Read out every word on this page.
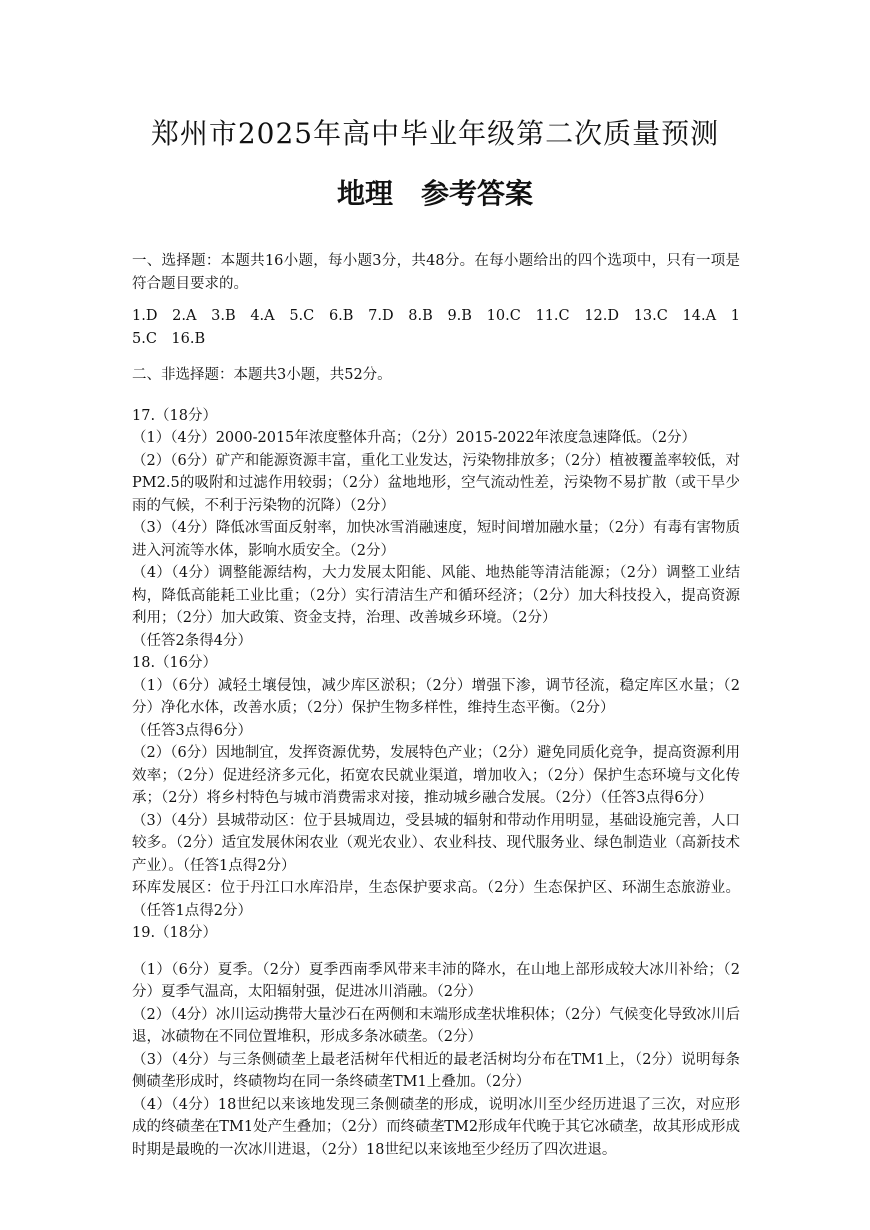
郑州市2025年高中毕业年级第二次质量预测
地理　参考答案

一、选择题：本题共16小题，每小题3分，共48分。在每小题给出的四个选项中，只有一项是符合题目要求的。

1.D　2.A　3.B　4.A　5.C　6.B　7.D　8.B　9.B　10.C　11.C　12.D　13.C　14.A　15.C　16.B

二、非选择题：本题共3小题，共52分。

17.（18分）

（1）（4分）2000-2015年浓度整体升高；（2分）2015-2022年浓度急速降低。（2分）

（2）（6分）矿产和能源资源丰富，重化工业发达，污染物排放多；（2分）植被覆盖率较低，对PM2.5的吸附和过滤作用较弱；（2分）盆地地形，空气流动性差，污染物不易扩散（或干旱少雨的气候，不利于污染物的沉降）（2分）

（3）（4分）降低冰雪面反射率，加快冰雪消融速度，短时间增加融水量；（2分）有毒有害物质进入河流等水体，影响水质安全。（2分）

（4）（4分）调整能源结构，大力发展太阳能、风能、地热能等清洁能源；（2分）调整工业结构，降低高能耗工业比重；（2分）实行清洁生产和循环经济；（2分）加大科技投入，提高资源利用；（2分）加大政策、资金支持，治理、改善城乡环境。（2分）

（任答2条得4分）

18.（16分）

（1）（6分）减轻土壤侵蚀，减少库区淤积；（2分）增强下渗，调节径流，稳定库区水量；（2分）净化水体，改善水质；（2分）保护生物多样性，维持生态平衡。（2分）

（任答3点得6分）

（2）（6分）因地制宜，发挥资源优势，发展特色产业；（2分）避免同质化竞争，提高资源利用效率；（2分）促进经济多元化，拓宽农民就业渠道，增加收入；（2分）保护生态环境与文化传承；（2分）将乡村特色与城市消费需求对接，推动城乡融合发展。（2分）（任答3点得6分）

（3）（4分）县城带动区：位于县城周边，受县城的辐射和带动作用明显，基础设施完善，人口较多。（2分）适宜发展休闲农业（观光农业）、农业科技、现代服务业、绿色制造业（高新技术产业）。（任答1点得2分）

环库发展区：位于丹江口水库沿岸，生态保护要求高。（2分）生态保护区、环湖生态旅游业。（任答1点得2分）

19.（18分）

（1）（6分）夏季。（2分）夏季西南季风带来丰沛的降水，在山地上部形成较大冰川补给；（2分）夏季气温高，太阳辐射强，促进冰川消融。（2分）

（2）（4分）冰川运动携带大量沙石在两侧和末端形成垄状堆积体；（2分）气候变化导致冰川后退，冰碛物在不同位置堆积，形成多条冰碛垄。（2分）

（3）（4分）与三条侧碛垄上最老活树年代相近的最老活树均分布在TM1上，（2分）说明每条侧碛垄形成时，终碛物均在同一条终碛垄TM1上叠加。（2分）

（4）（4分）18世纪以来该地发现三条侧碛垄的形成，说明冰川至少经历进退了三次，对应形成的终碛垄在TM1处产生叠加；（2分）而终碛垄TM2形成年代晚于其它冰碛垄，故其形成形成时期是最晚的一次冰川进退，（2分）18世纪以来该地至少经历了四次进退。
